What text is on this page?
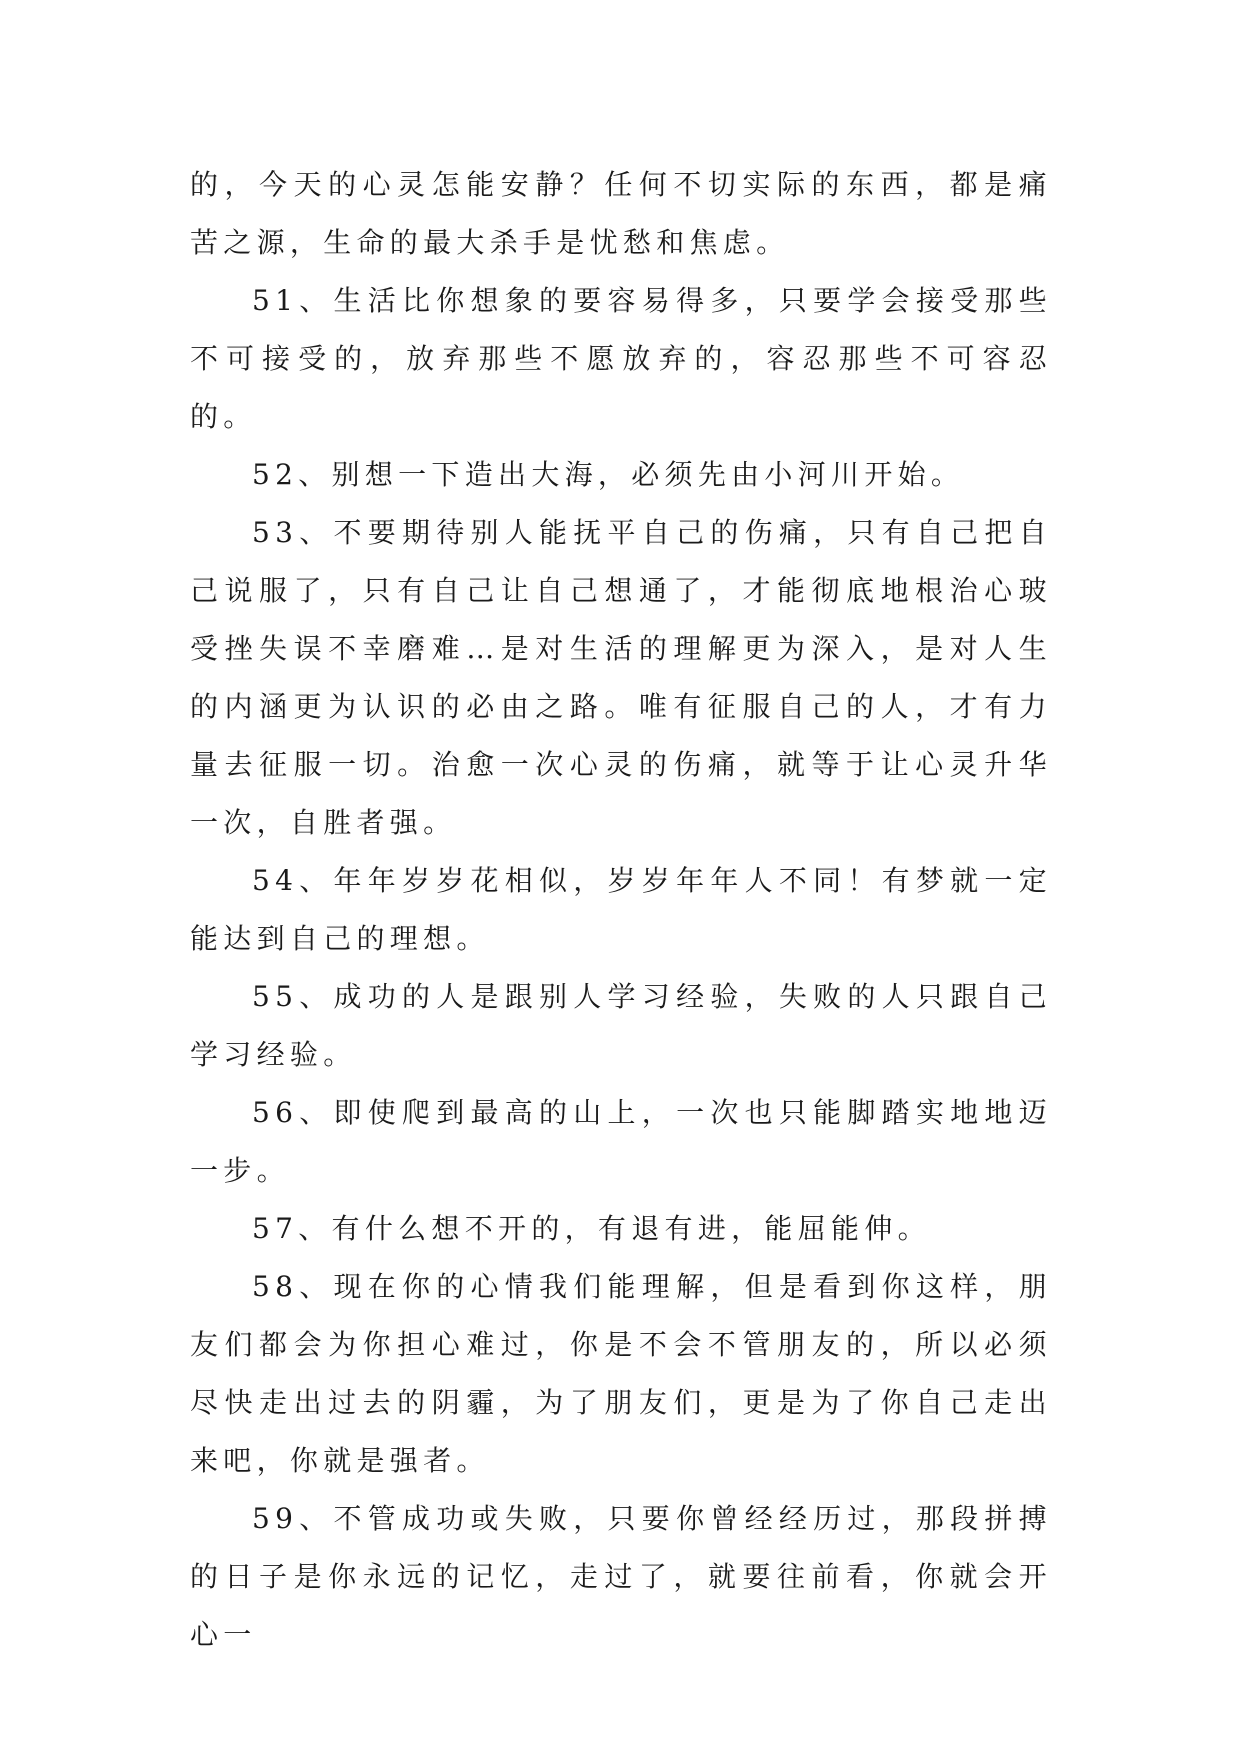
的，今天的心灵怎能安静？任何不切实际的东西，都是痛苦之源，生命的最大杀手是忧愁和焦虑。

51、生活比你想象的要容易得多，只要学会接受那些不可接受的，放弃那些不愿放弃的，容忍那些不可容忍的。

52、别想一下造出大海，必须先由小河川开始。

53、不要期待别人能抚平自己的伤痛，只有自己把自己说服了，只有自己让自己想通了，才能彻底地根治心玻受挫失误不幸磨难…是对生活的理解更为深入，是对人生的内涵更为认识的必由之路。唯有征服自己的人，才有力量去征服一切。治愈一次心灵的伤痛，就等于让心灵升华一次，自胜者强。

54、年年岁岁花相似，岁岁年年人不同！有梦就一定能达到自己的理想。

55、成功的人是跟别人学习经验，失败的人只跟自己学习经验。

56、即使爬到最高的山上，一次也只能脚踏实地地迈一步。

57、有什么想不开的，有退有进，能屈能伸。

58、现在你的心情我们能理解，但是看到你这样，朋友们都会为你担心难过，你是不会不管朋友的，所以必须尽快走出过去的阴霾，为了朋友们，更是为了你自己走出来吧，你就是强者。

59、不管成功或失败，只要你曾经经历过，那段拼搏的日子是你永远的记忆，走过了，就要往前看，你就会开心一
